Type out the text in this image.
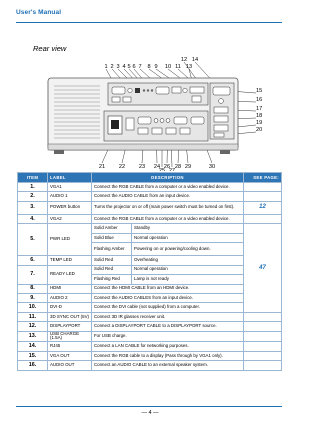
User's Manual
Rear view
1 2 3 4 5 6 7 8 9 10 11
12
13
14
15
16
17
18
19
20
21 22 23 24
25
26
27
28 29	30
ITEM	LABEL	DESCRIPTION		SEE PAGE:
1.	VGA1	Connect the RGB CABLE from a computer or a video enabled device.		
2.	AUDIO 1	Connect the AUDIO CABLE from an input device.		
3.	POWER button	Turns the projector on or off (main power switch must be turned on first).		12
4.	VGA2	Connect the RGB CABLE from a computer or a video enabled device.		
5.	PWR LED	Solid Amber	Standby	47
		Solid Blue	Normal operation	
		Flashing Amber	Powering on or powering/cooling down.	
6.	TEMP LED	Solid Red	Overheating	
7.	READY LED	Solid Red	Normal operation	
		Flashing Red	Lamp is not ready	
8.	HDMI	Connect the HDMI CABLE from an HDMI device.		
9.	AUDIO 2	Connect the AUDIO CABLES from an input device.		
10.	DVI-D	Connect the DVI cable (not supplied) from a computer.		
11.	3D SYNC OUT (5V)	Connect 3D IR glasses receiver unit.		
12.	DISPLAYPORT	Connect a DISPLAYPORT CABLE to a DISPLAYPORT source.		
13.	USB CHARGE (1.5A)	For USB charge.		
14.	RJ45	Connect a LAN CABLE for networking purposes.		
15.	VGA OUT	Connect the RGB cable to a display (Pass through by VGA1 only).		
16.	AUDIO OUT	Connect an AUDIO CABLE to an external speaker system.		
— 4 —
